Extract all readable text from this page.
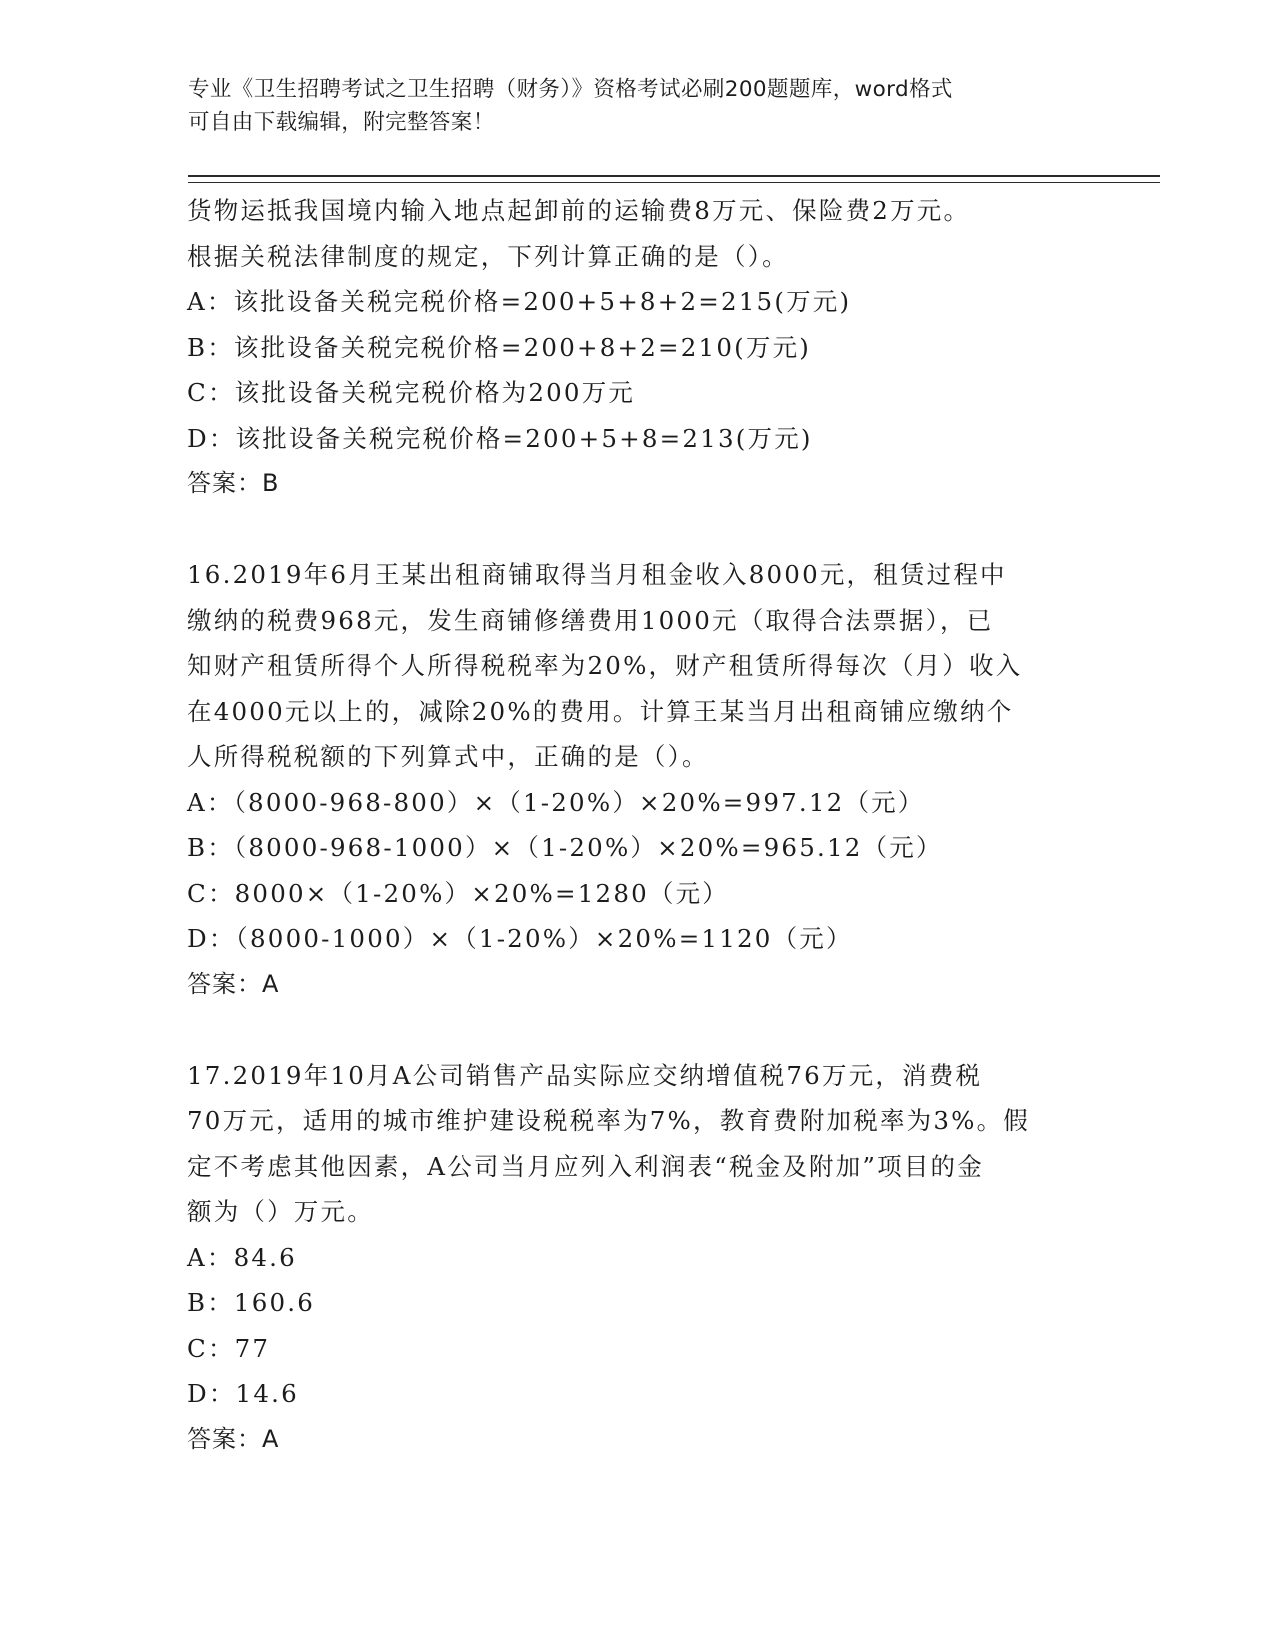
专业《卫生招聘考试之卫生招聘（财务）》资格考试必刷200题题库，word格式
可自由下载编辑，附完整答案！
货物运抵我国境内输入地点起卸前的运输费8万元、保险费2万元。
根据关税法律制度的规定，下列计算正确的是（）。
A：该批设备关税完税价格=200+5+8+2=215(万元)
B：该批设备关税完税价格=200+8+2=210(万元)
C：该批设备关税完税价格为200万元
D：该批设备关税完税价格=200+5+8=213(万元)
答案：B
16.2019年6月王某出租商铺取得当月租金收入8000元，租赁过程中
缴纳的税费968元，发生商铺修缮费用1000元（取得合法票据），已
知财产租赁所得个人所得税税率为20%，财产租赁所得每次（月）收入
在4000元以上的，减除20%的费用。计算王某当月出租商铺应缴纳个
人所得税税额的下列算式中，正确的是（）。
A：（8000-968-800）×（1-20%）×20%=997.12（元）
B：（8000-968-1000）×（1-20%）×20%=965.12（元）
C：8000×（1-20%）×20%=1280（元）
D：（8000-1000）×（1-20%）×20%=1120（元）
答案：A
17.2019年10月A公司销售产品实际应交纳增值税76万元，消费税
70万元，适用的城市维护建设税税率为7%，教育费附加税率为3%。假
定不考虑其他因素，A公司当月应列入利润表“税金及附加”项目的金
额为（）万元。
A：84.6
B：160.6
C：77
D：14.6
答案：A
